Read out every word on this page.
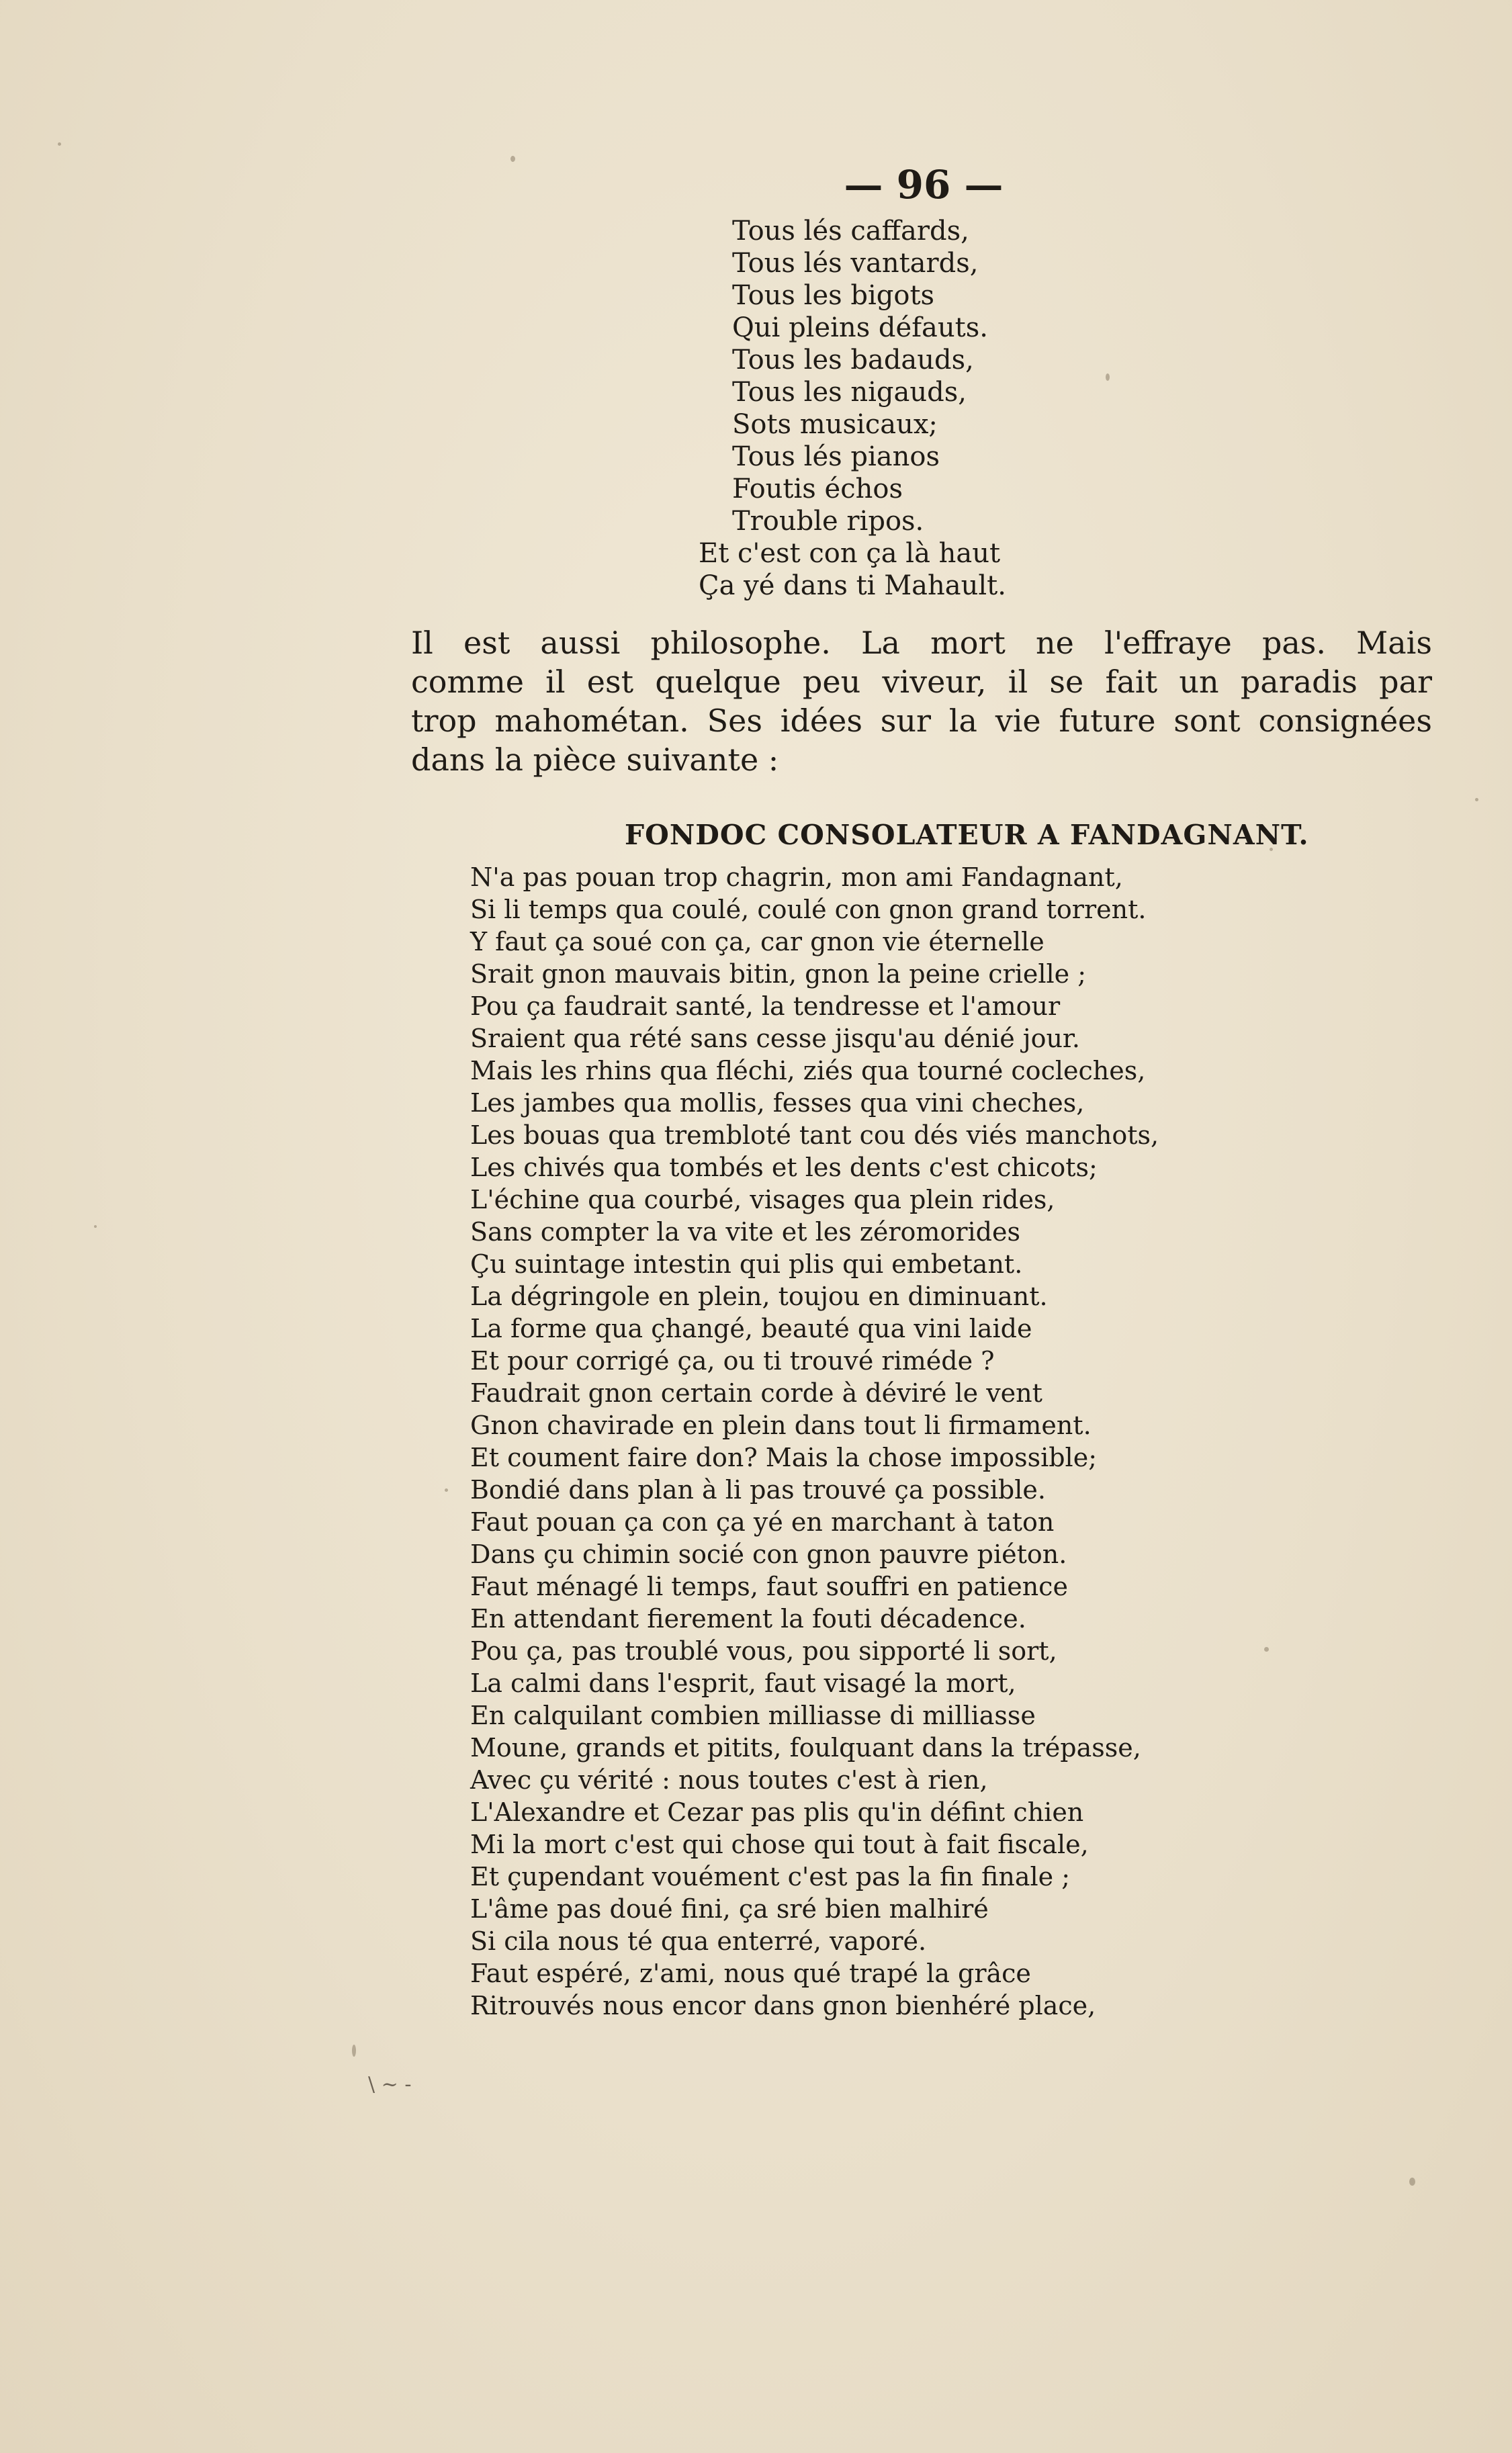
— 96 —
Tous lés caffards,
Tous lés vantards,
Tous les bigots
Qui pleins défauts.
Tous les badauds,
Tous les nigauds,
Sots musicaux;
Tous lés pianos
Foutis échos
Trouble ripos.
Et c'est con ça là haut
Ça yé dans ti Mahault.
Il est aussi philosophe. La mort ne l'effraye pas. Mais
comme il est quelque peu viveur, il se fait un paradis par
trop mahométan. Ses idées sur la vie future sont consignées
dans la pièce suivante :
FONDOC CONSOLATEUR A FANDAGNANT.
N'a pas pouan trop chagrin, mon ami Fandagnant,
Si li temps qua coulé, coulé con gnon grand torrent.
Y faut ça soué con ça, car gnon vie éternelle
Srait gnon mauvais bitin, gnon la peine crielle ;
Pou ça faudrait santé, la tendresse et l'amour
Sraient qua rété sans cesse jisqu'au dénié jour.
Mais les rhins qua fléchi, ziés qua tourné cocleches,
Les jambes qua mollis, fesses qua vini cheches,
Les bouas qua trembloté tant cou dés viés manchots,
Les chivés qua tombés et les dents c'est chicots;
L'échine qua courbé, visages qua plein rides,
Sans compter la va vite et les zéromorides
Çu suintage intestin qui plis qui embetant.
La dégringole en plein, toujou en diminuant.
La forme qua çhangé, beauté qua vini laide
Et pour corrigé ça, ou ti trouvé riméde ?
Faudrait gnon certain corde à déviré le vent
Gnon chavirade en plein dans tout li firmament.
Et coument faire don? Mais la chose impossible;
Bondié dans plan à li pas trouvé ça possible.
Faut pouan ça con ça yé en marchant à taton
Dans çu chimin socié con gnon pauvre piéton.
Faut ménagé li temps, faut souffri en patience
En attendant fierement la fouti décadence.
Pou ça, pas troublé vous, pou sipporté li sort,
La calmi dans l'esprit, faut visagé la mort,
En calquilant combien milliasse di milliasse
Moune, grands et pitits, foulquant dans la trépasse,
Avec çu vérité : nous toutes c'est à rien,
L'Alexandre et Cezar pas plis qu'in défint chien
Mi la mort c'est qui chose qui tout à fait fiscale,
Et çupendant vouément c'est pas la fin finale ;
L'âme pas doué fini, ça sré bien malhiré
Si cila nous té qua enterré, vaporé.
Faut espéré, z'ami, nous qué trapé la grâce
Ritrouvés nous encor dans gnon bienhéré place,
\ ~ -
